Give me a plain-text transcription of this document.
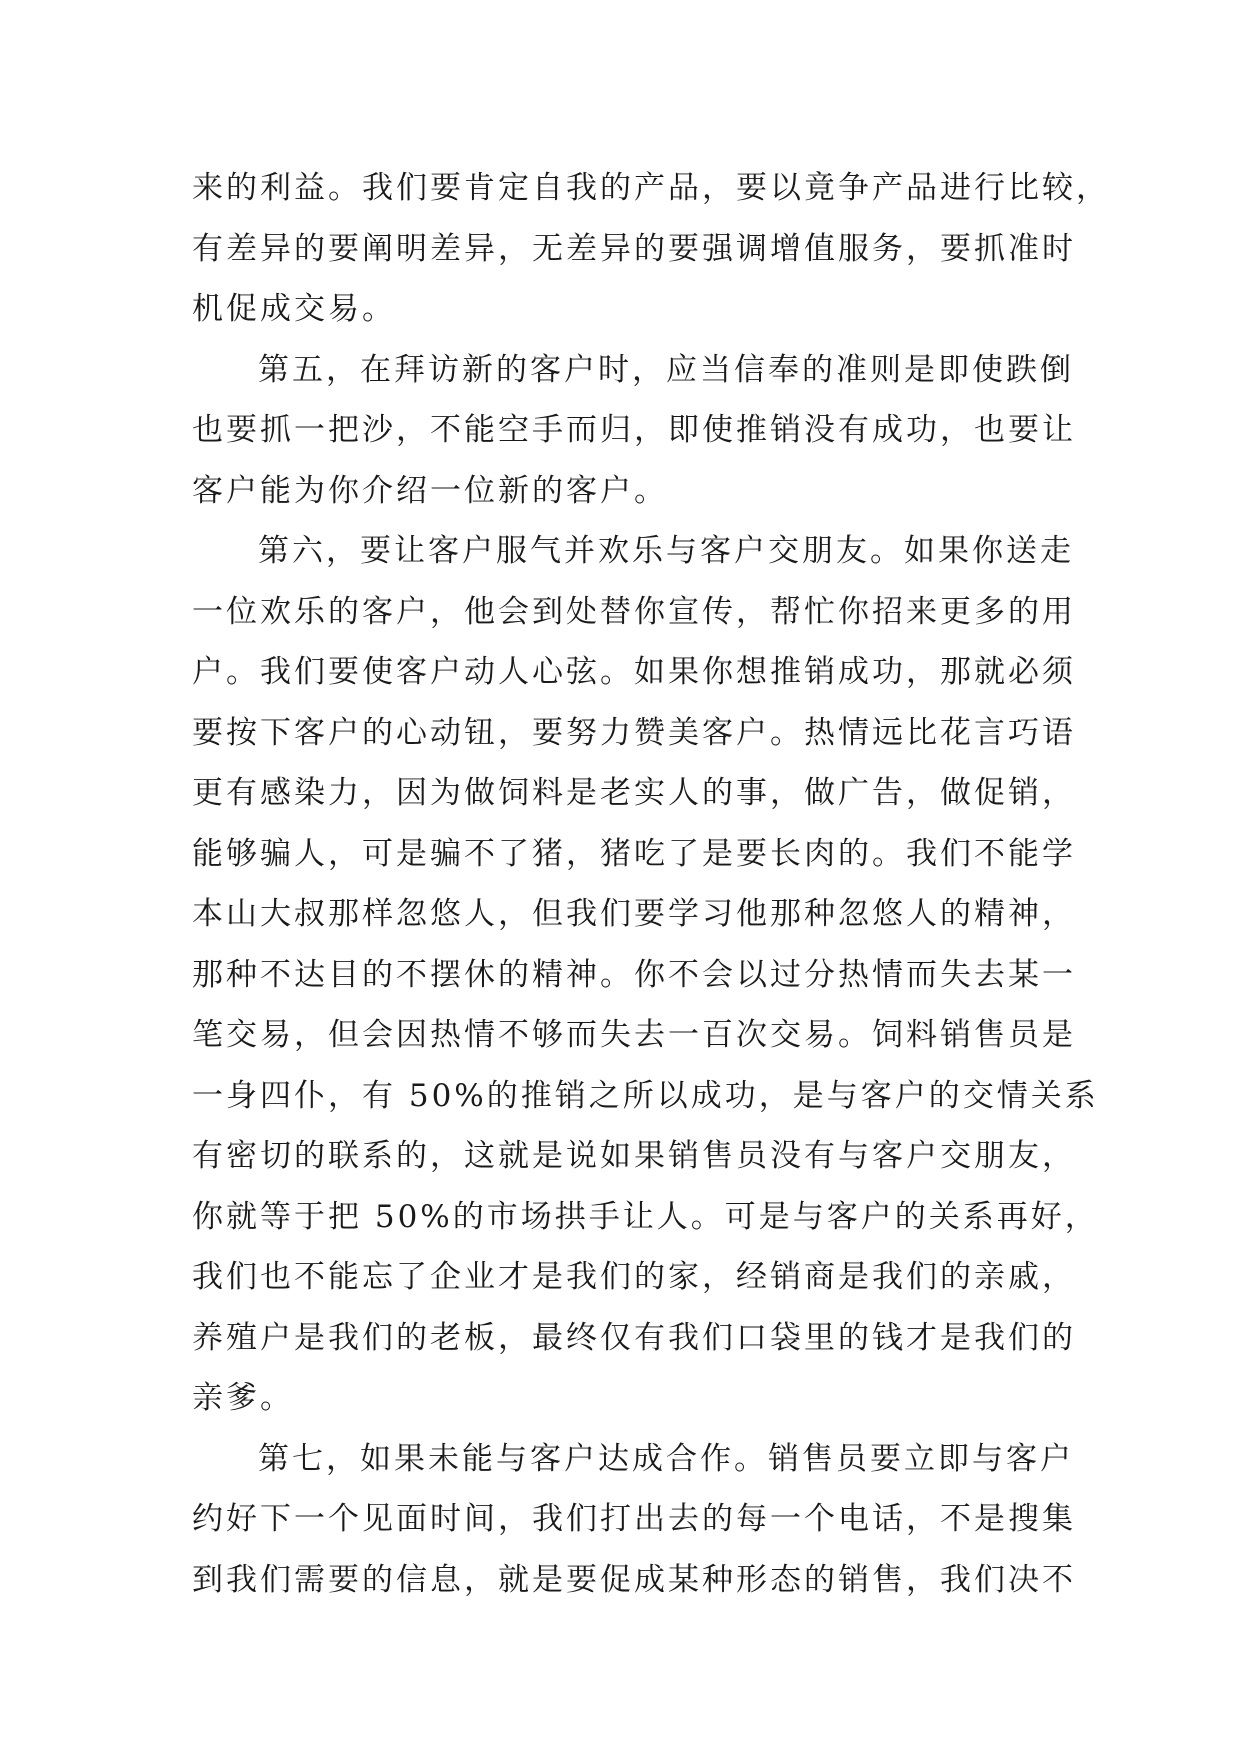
来的利益。我们要肯定自我的产品，要以竟争产品进行比较，
有差异的要阐明差异，无差异的要强调增值服务，要抓准时
机促成交易。
第五，在拜访新的客户时，应当信奉的准则是即使跌倒
也要抓一把沙，不能空手而归，即使推销没有成功，也要让
客户能为你介绍一位新的客户。
第六，要让客户服气并欢乐与客户交朋友。如果你送走
一位欢乐的客户，他会到处替你宣传，帮忙你招来更多的用
户。我们要使客户动人心弦。如果你想推销成功，那就必须
要按下客户的心动钮，要努力赞美客户。热情远比花言巧语
更有感染力，因为做饲料是老实人的事，做广告，做促销，
能够骗人，可是骗不了猪，猪吃了是要长肉的。我们不能学
本山大叔那样忽悠人，但我们要学习他那种忽悠人的精神，
那种不达目的不摆休的精神。你不会以过分热情而失去某一
笔交易，但会因热情不够而失去一百次交易。饲料销售员是
一身四仆，有 50%的推销之所以成功，是与客户的交情关系
有密切的联系的，这就是说如果销售员没有与客户交朋友，
你就等于把 50%的市场拱手让人。可是与客户的关系再好，
我们也不能忘了企业才是我们的家，经销商是我们的亲戚，
养殖户是我们的老板，最终仅有我们口袋里的钱才是我们的
亲爹。
第七，如果未能与客户达成合作。销售员要立即与客户
约好下一个见面时间，我们打出去的每一个电话，不是搜集
到我们需要的信息，就是要促成某种形态的销售，我们决不
